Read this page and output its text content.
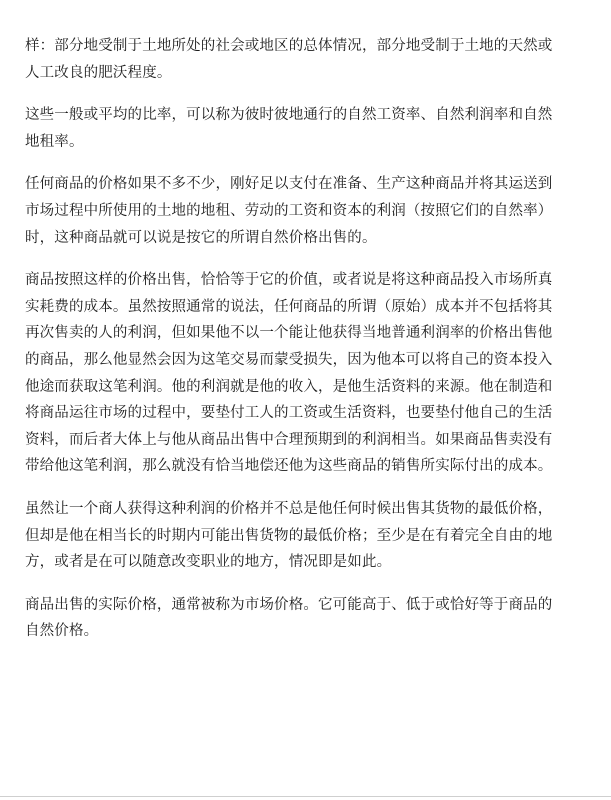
样：部分地受制于土地所处的社会或地区的总体情况，部分地受制于土地的天然或
人工改良的肥沃程度。

这些一般或平均的比率，可以称为彼时彼地通行的自然工资率、自然利润率和自然
地租率。

任何商品的价格如果不多不少，刚好足以支付在准备、生产这种商品并将其运送到
市场过程中所使用的土地的地租、劳动的工资和资本的利润（按照它们的自然率）
时，这种商品就可以说是按它的所谓自然价格出售的。

商品按照这样的价格出售，恰恰等于它的价值，或者说是将这种商品投入市场所真
实耗费的成本。虽然按照通常的说法，任何商品的所谓（原始）成本并不包括将其
再次售卖的人的利润，但如果他不以一个能让他获得当地普通利润率的价格出售他
的商品，那么他显然会因为这笔交易而蒙受损失，因为他本可以将自己的资本投入
他途而获取这笔利润。他的利润就是他的收入，是他生活资料的来源。他在制造和
将商品运往市场的过程中，要垫付工人的工资或生活资料，也要垫付他自己的生活
资料，而后者大体上与他从商品出售中合理预期到的利润相当。如果商品售卖没有
带给他这笔利润，那么就没有恰当地偿还他为这些商品的销售所实际付出的成本。

虽然让一个商人获得这种利润的价格并不总是他任何时候出售其货物的最低价格，
但却是他在相当长的时期内可能出售货物的最低价格；至少是在有着完全自由的地
方，或者是在可以随意改变职业的地方，情况即是如此。

商品出售的实际价格，通常被称为市场价格。它可能高于、低于或恰好等于商品的
自然价格。
